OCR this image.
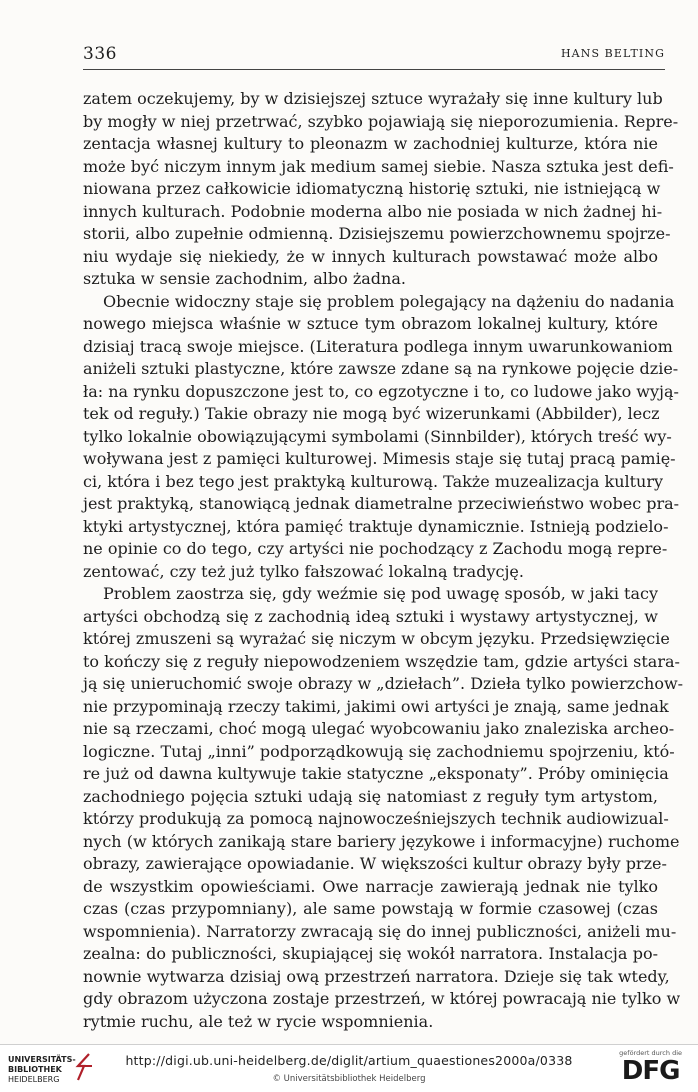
336	HANS BELTING
zatem oczekujemy, by w dzisiejszej sztuce wyrażały się inne kultury lub
by mogły w niej przetrwać, szybko pojawiają się nieporozumienia. Repre-
zentacja własnej kultury to pleonazm w zachodniej kulturze, która nie
może być niczym innym jak medium samej siebie. Nasza sztuka jest defi-
niowana przez całkowicie idiomatyczną historię sztuki, nie istniejącą w
innych kulturach. Podobnie moderna albo nie posiada w nich żadnej hi-
storii, albo zupełnie odmienną. Dzisiejszemu powierzchownemu spojrze-
niu wydaje się niekiedy, że w innych kulturach powstawać może albo
sztuka w sensie zachodnim, albo żadna.
Obecnie widoczny staje się problem polegający na dążeniu do nadania
nowego miejsca właśnie w sztuce tym obrazom lokalnej kultury, które
dzisiaj tracą swoje miejsce. (Literatura podlega innym uwarunkowaniom
aniżeli sztuki plastyczne, które zawsze zdane są na rynkowe pojęcie dzie-
ła: na rynku dopuszczone jest to, co egzotyczne i to, co ludowe jako wyją-
tek od reguły.) Takie obrazy nie mogą być wizerunkami (Abbilder), lecz
tylko lokalnie obowiązującymi symbolami (Sinnbilder), których treść wy-
woływana jest z pamięci kulturowej. Mimesis staje się tutaj pracą pamię-
ci, która i bez tego jest praktyką kulturową. Także muzealizacja kultury
jest praktyką, stanowiącą jednak diametralne przeciwieństwo wobec pra-
ktyki artystycznej, która pamięć traktuje dynamicznie. Istnieją podzielo-
ne opinie co do tego, czy artyści nie pochodzący z Zachodu mogą repre-
zentować, czy też już tylko fałszować lokalną tradycję.
Problem zaostrza się, gdy weźmie się pod uwagę sposób, w jaki tacy
artyści obchodzą się z zachodnią ideą sztuki i wystawy artystycznej, w
której zmuszeni są wyrażać się niczym w obcym języku. Przedsięwzięcie
to kończy się z reguły niepowodzeniem wszędzie tam, gdzie artyści stara-
ją się unieruchomić swoje obrazy w „dziełach”. Dzieła tylko powierzchow-
nie przypominają rzeczy takimi, jakimi owi artyści je znają, same jednak
nie są rzeczami, choć mogą ulegać wyobcowaniu jako znaleziska archeo-
logiczne. Tutaj „inni” podporządkowują się zachodniemu spojrzeniu, któ-
re już od dawna kultywuje takie statyczne „eksponaty”. Próby ominięcia
zachodniego pojęcia sztuki udają się natomiast z reguły tym artystom,
którzy produkują za pomocą najnowocześniejszych technik audiowizual-
nych (w których zanikają stare bariery językowe i informacyjne) ruchome
obrazy, zawierające opowiadanie. W większości kultur obrazy były prze-
de wszystkim opowieściami. Owe narracje zawierają jednak nie tylko
czas (czas przypomniany), ale same powstają w formie czasowej (czas
wspomnienia). Narratorzy zwracają się do innej publiczności, aniżeli mu-
zealna: do publiczności, skupiającej się wokół narratora. Instalacja po-
nownie wytwarza dzisiaj ową przestrzeń narratora. Dzieje się tak wtedy,
gdy obrazom użyczona zostaje przestrzeń, w której powracają nie tylko w
rytmie ruchu, ale też w rycie wspomnienia.
UNIVERSITÄTS-
BIBLIOTHEK
HEIDELBERG
http://digi.ub.uni-heidelberg.de/diglit/artium_quaestiones2000a/0338
© Universitätsbibliothek Heidelberg
gefördert durch die
DFG
